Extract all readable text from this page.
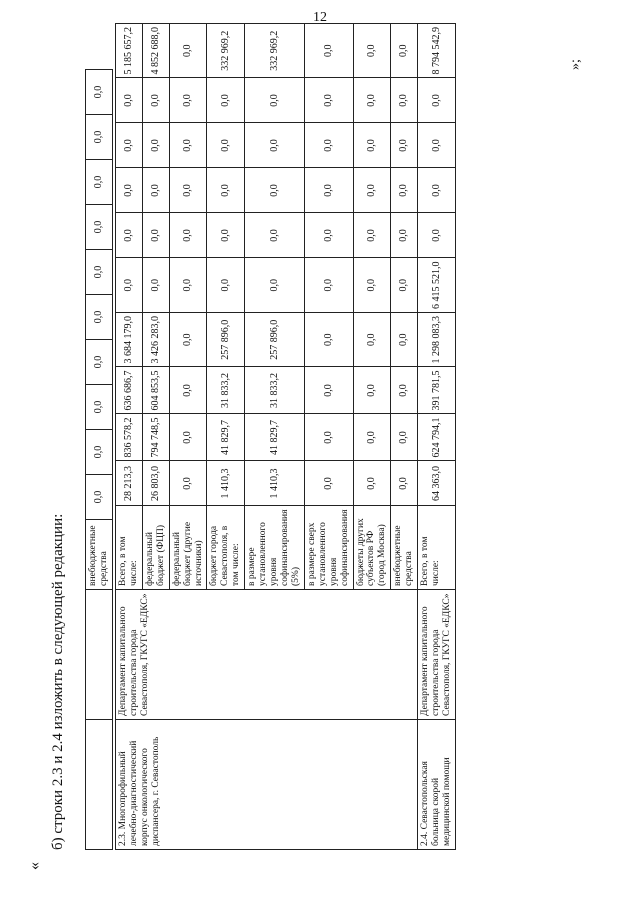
12
«
б) строки 2.3 и 2.4 изложить в следующей редакции:
		внебюджетные средства	0,0	0,0	0,0	0,0	0,0	0,0	0,0	0,0	0,0	0,0
2.3. Многопрофильный лечебно-диагностический корпус онкологического диспансера, г. Севастополь	Департамент капитального строительства города Севастополя, ГКУГС «ЕДКС»	Всего, в том числе:	28 213,3	836 578,2	636 686,7	3 684 179,0	0,0	0,0	0,0	0,0	0,0	5 185 657,2
		федеральный бюджет (ФЦП)	26 803,0	794 748,5	604 853,5	3 426 283,0	0,0	0,0	0,0	0,0	0,0	4 852 688,0
		федеральный бюджет (другие источники)	0,0	0,0	0,0	0,0	0,0	0,0	0,0	0,0	0,0	0,0
		бюджет города Севастополя, в том числе:	1 410,3	41 829,7	31 833,2	257 896,0	0,0	0,0	0,0	0,0	0,0	332 969,2
		в размере установленного уровня софинансирования (5%)	1 410,3	41 829,7	31 833,2	257 896,0	0,0	0,0	0,0	0,0	0,0	332 969,2
		в размере сверх установленного уровня софинансирования	0,0	0,0	0,0	0,0	0,0	0,0	0,0	0,0	0,0	0,0
		бюджеты других субъектов РФ (город Москва)	0,0	0,0	0,0	0,0	0,0	0,0	0,0	0,0	0,0	0,0
		внебюджетные средства	0,0	0,0	0,0	0,0	0,0	0,0	0,0	0,0	0,0	0,0
2.4. Севастопольская больница скорой медицинской помощи	Департамент капитального строительства города Севастополя, ГКУГС «ЕДКС»	Всего, в том числе:	64 363,0	624 794,1	391 781,5	1 298 083,3	6 415 521,0	0,0	0,0	0,0	0,0	8 794 542,9	»;
